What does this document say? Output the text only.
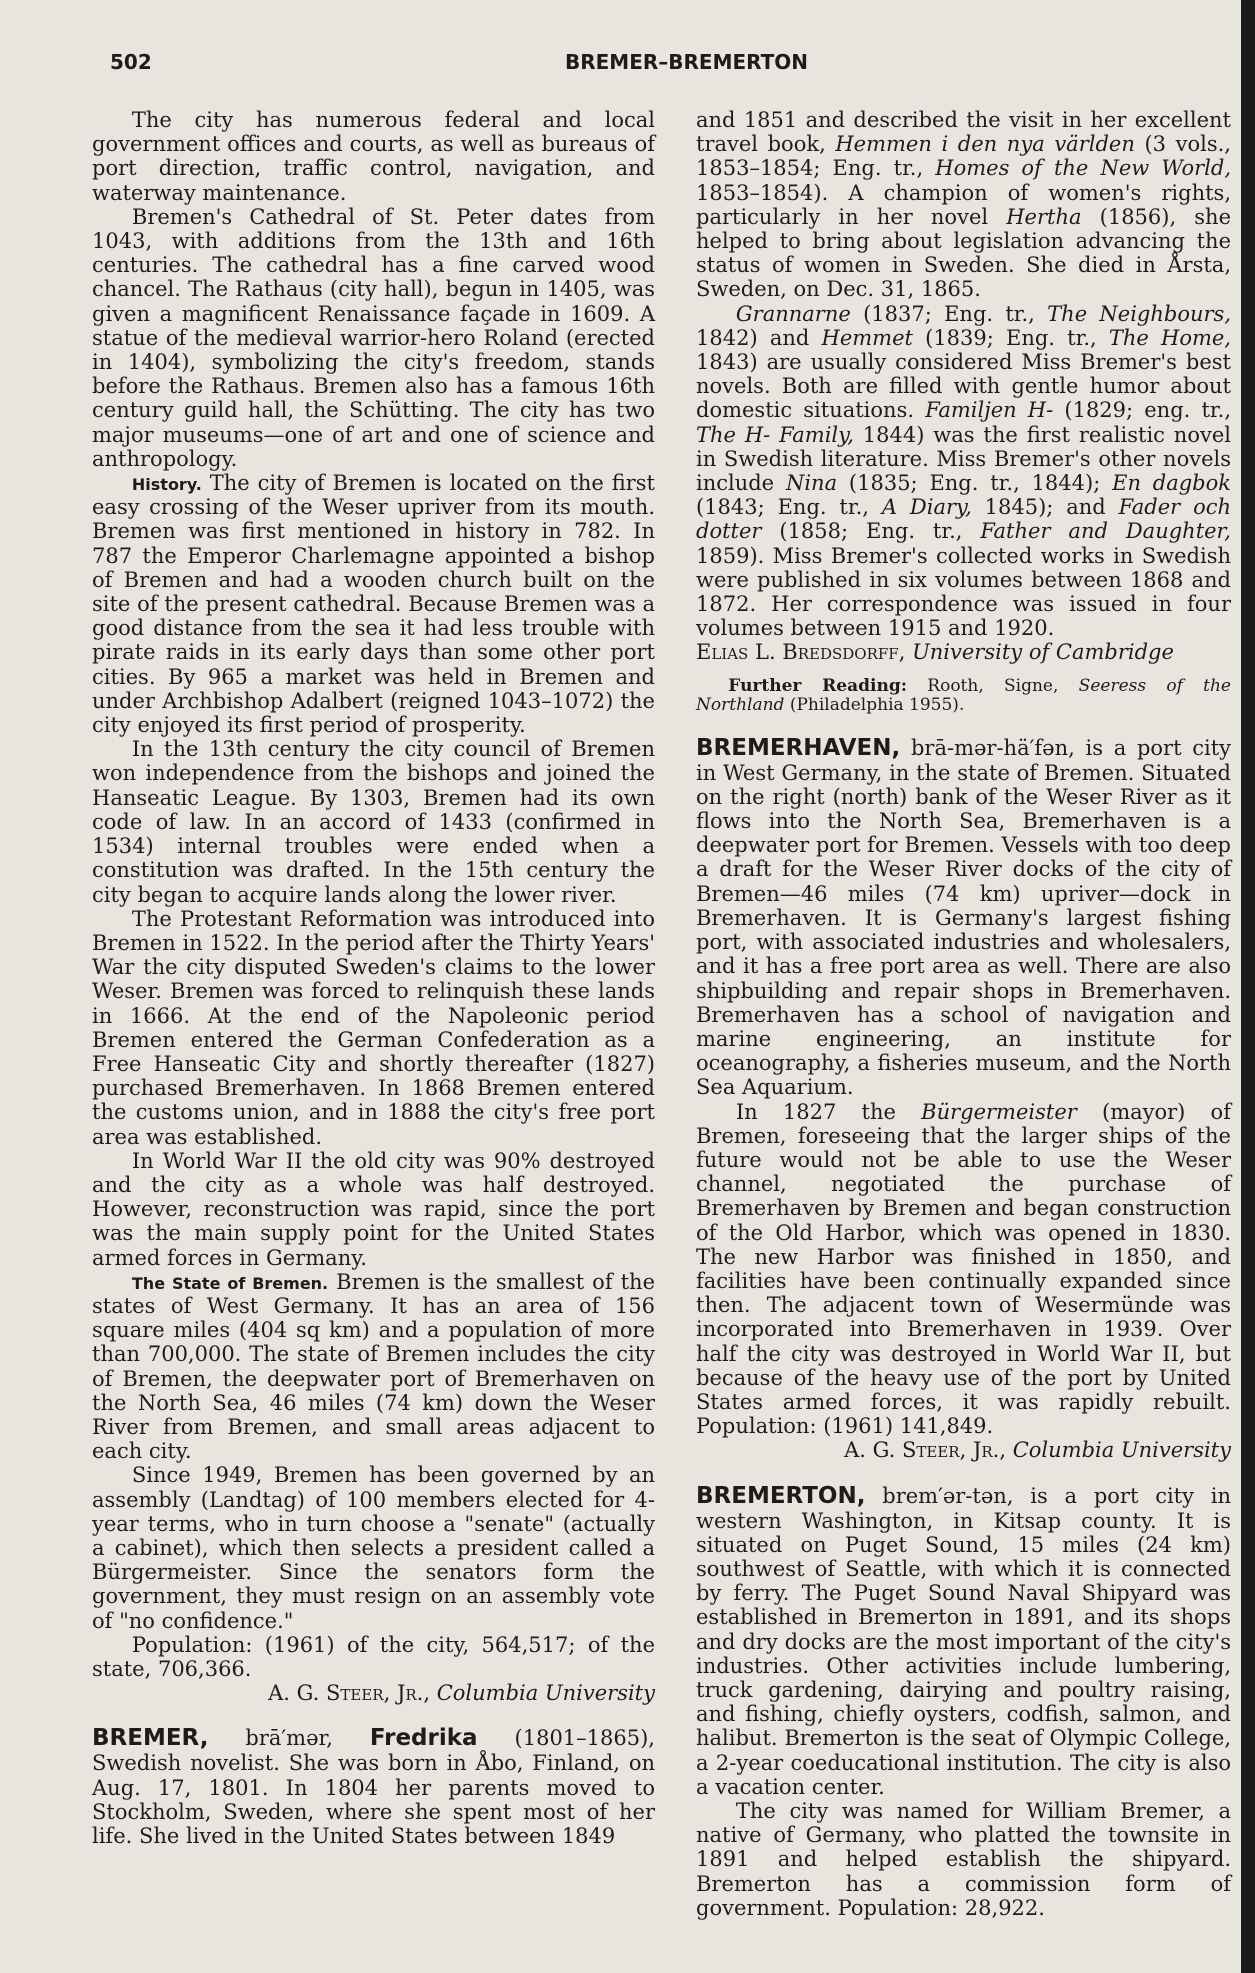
502	BREMER–BREMERTON

The city has numerous federal and local government offices and courts, as well as bureaus of port direction, traffic control, navigation, and waterway maintenance.

Bremen's Cathedral of St. Peter dates from 1043, with additions from the 13th and 16th centuries. The cathedral has a fine carved wood chancel. The Rathaus (city hall), begun in 1405, was given a magnificent Renaissance façade in 1609. A statue of the medieval warrior-hero Roland (erected in 1404), symbolizing the city's freedom, stands before the Rathaus. Bremen also has a famous 16th century guild hall, the Schütting. The city has two major museums—one of art and one of science and anthropology.

History. The city of Bremen is located on the first easy crossing of the Weser upriver from its mouth. Bremen was first mentioned in history in 782. In 787 the Emperor Charlemagne appointed a bishop of Bremen and had a wooden church built on the site of the present cathedral. Because Bremen was a good distance from the sea it had less trouble with pirate raids in its early days than some other port cities. By 965 a market was held in Bremen and under Archbishop Adalbert (reigned 1043–1072) the city enjoyed its first period of prosperity.

In the 13th century the city council of Bremen won independence from the bishops and joined the Hanseatic League. By 1303, Bremen had its own code of law. In an accord of 1433 (confirmed in 1534) internal troubles were ended when a constitution was drafted. In the 15th century the city began to acquire lands along the lower river.

The Protestant Reformation was introduced into Bremen in 1522. In the period after the Thirty Years' War the city disputed Sweden's claims to the lower Weser. Bremen was forced to relinquish these lands in 1666. At the end of the Napoleonic period Bremen entered the German Confederation as a Free Hanseatic City and shortly thereafter (1827) purchased Bremerhaven. In 1868 Bremen entered the customs union, and in 1888 the city's free port area was established.

In World War II the old city was 90% destroyed and the city as a whole was half destroyed. However, reconstruction was rapid, since the port was the main supply point for the United States armed forces in Germany.

The State of Bremen. Bremen is the smallest of the states of West Germany. It has an area of 156 square miles (404 sq km) and a population of more than 700,000. The state of Bremen includes the city of Bremen, the deepwater port of Bremerhaven on the North Sea, 46 miles (74 km) down the Weser River from Bremen, and small areas adjacent to each city.

Since 1949, Bremen has been governed by an assembly (Landtag) of 100 members elected for 4-year terms, who in turn choose a "senate" (actually a cabinet), which then selects a president called a Bürgermeister. Since the senators form the government, they must resign on an assembly vote of "no confidence."

Population: (1961) of the city, 564,517; of the state, 706,366.

A. G. Steer, Jr., Columbia University

BREMER, brā′mər, Fredrika (1801–1865), Swedish novelist. She was born in Åbo, Finland, on Aug. 17, 1801. In 1804 her parents moved to Stockholm, Sweden, where she spent most of her life. She lived in the United States between 1849

and 1851 and described the visit in her excellent travel book, Hemmen i den nya världen (3 vols., 1853–1854; Eng. tr., Homes of the New World, 1853–1854). A champion of women's rights, particularly in her novel Hertha (1856), she helped to bring about legislation advancing the status of women in Sweden. She died in Årsta, Sweden, on Dec. 31, 1865.

Grannarne (1837; Eng. tr., The Neighbours, 1842) and Hemmet (1839; Eng. tr., The Home, 1843) are usually considered Miss Bremer's best novels. Both are filled with gentle humor about domestic situations. Familjen H- (1829; eng. tr., The H- Family, 1844) was the first realistic novel in Swedish literature. Miss Bremer's other novels include Nina (1835; Eng. tr., 1844); En dagbok (1843; Eng. tr., A Diary, 1845); and Fader och dotter (1858; Eng. tr., Father and Daughter, 1859). Miss Bremer's collected works in Swedish were published in six volumes between 1868 and 1872. Her correspondence was issued in four volumes between 1915 and 1920.

Elias L. Bredsdorff, University of Cambridge

Further Reading: Rooth, Signe, Seeress of the Northland (Philadelphia 1955).

BREMERHAVEN, brā-mər-hä′fən, is a port city in West Germany, in the state of Bremen. Situated on the right (north) bank of the Weser River as it flows into the North Sea, Bremerhaven is a deepwater port for Bremen. Vessels with too deep a draft for the Weser River docks of the city of Bremen—46 miles (74 km) upriver—dock in Bremerhaven. It is Germany's largest fishing port, with associated industries and wholesalers, and it has a free port area as well. There are also shipbuilding and repair shops in Bremerhaven. Bremerhaven has a school of navigation and marine engineering, an institute for oceanography, a fisheries museum, and the North Sea Aquarium.

In 1827 the Bürgermeister (mayor) of Bremen, foreseeing that the larger ships of the future would not be able to use the Weser channel, negotiated the purchase of Bremerhaven by Bremen and began construction of the Old Harbor, which was opened in 1830. The new Harbor was finished in 1850, and facilities have been continually expanded since then. The adjacent town of Wesermünde was incorporated into Bremerhaven in 1939. Over half the city was destroyed in World War II, but because of the heavy use of the port by United States armed forces, it was rapidly rebuilt. Population: (1961) 141,849.

A. G. Steer, Jr., Columbia University

BREMERTON, brem′ər-tən, is a port city in western Washington, in Kitsap county. It is situated on Puget Sound, 15 miles (24 km) southwest of Seattle, with which it is connected by ferry. The Puget Sound Naval Shipyard was established in Bremerton in 1891, and its shops and dry docks are the most important of the city's industries. Other activities include lumbering, truck gardening, dairying and poultry raising, and fishing, chiefly oysters, codfish, salmon, and halibut. Bremerton is the seat of Olympic College, a 2-year coeducational institution. The city is also a vacation center.

The city was named for William Bremer, a native of Germany, who platted the townsite in 1891 and helped establish the shipyard. Bremerton has a commission form of government. Population: 28,922.
